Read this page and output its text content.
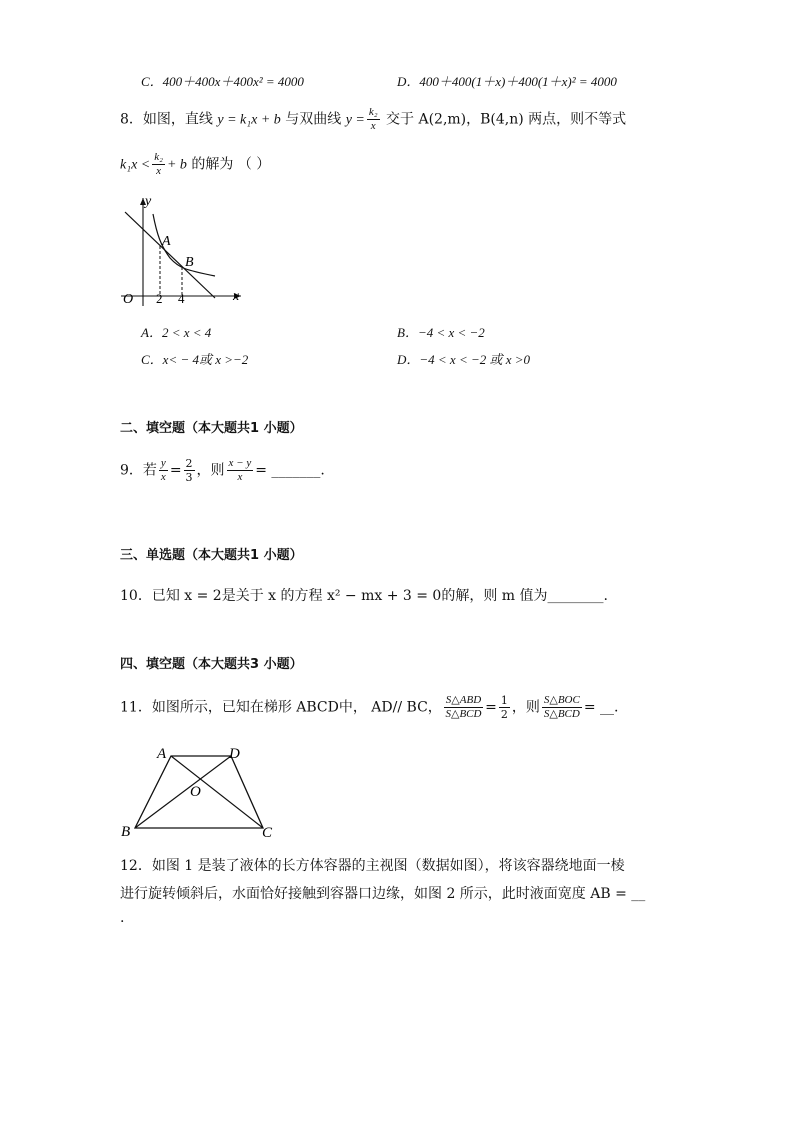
C．400＋400x＋400x² = 4000	D．400＋400(1＋x)＋400(1＋x)² = 4000
8．如图，直线 y = k₁x + b 与双曲线 $y = \frac{\text{k₂}}{x}$ 交于 A(2,m)，B(4,n) 两点，则不等式
$k_1x < \frac{\text{k₂}}{x} + b$ 的解为 （ ）
y
x
O
A
B
2 4
A．2 < x < 4	B．−4 < x < −2
C．x< − 4或 x >−2	D．−4 < x < −2 或 x >0
二、填空题（本大题共1 小题）
9．若 $\frac{y}{x} = \frac{2}{3}$ ，则 $\frac{x - y}{x}$ = _______.
三、单选题（本大题共1 小题）
10．已知 x = 2是关于 x 的方程 x² − mx + 3 = 0的解，则 m 值为________.
四、填空题（本大题共3 小题）
11．如图所示，已知在梯形 ABCD中， AD// BC， $\frac{\text{S△ABD}}{\text{S△BCD}} = \frac{1}{2}$ ，则 $\frac{\text{S△BOC}}{\text{S△BCD}}$ = __.
A	D
O
B	C
12．如图 1 是装了液体的长方体容器的主视图（数据如图），将该容器绕地面一棱
进行旋转倾斜后，水面恰好接触到容器口边缘，如图 2 所示，此时液面宽度 AB = __
.
